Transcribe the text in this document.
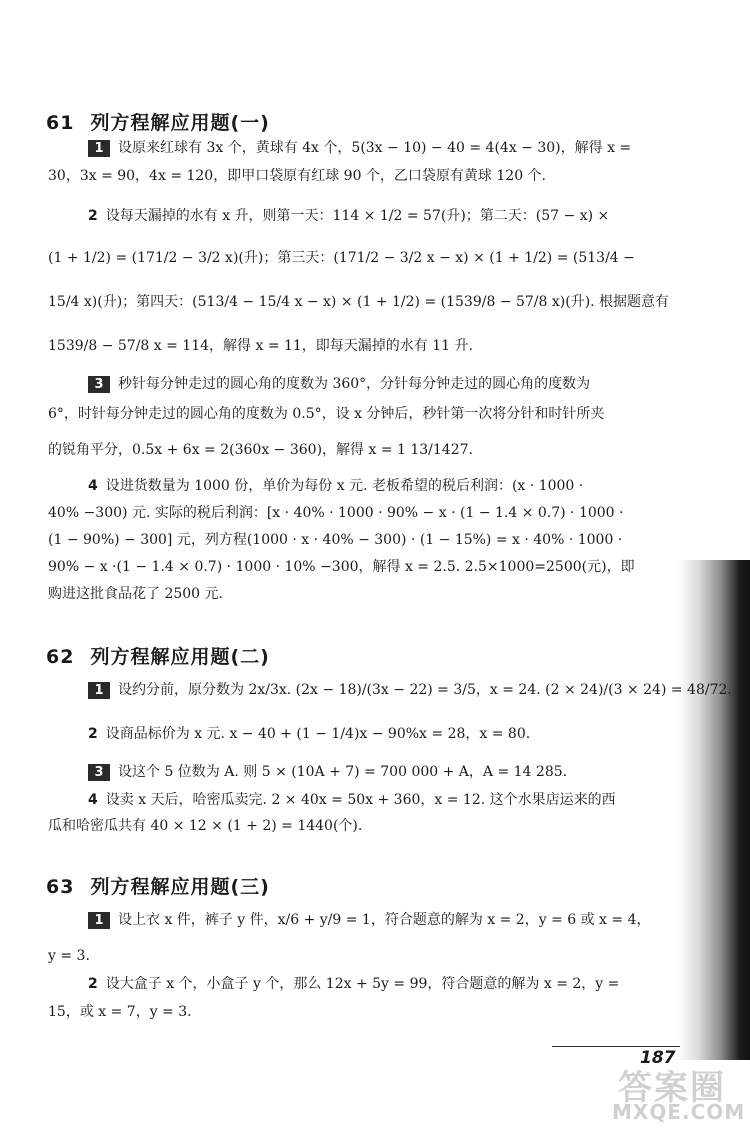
61 列方程解应用题(一)
1 设原来红球有 3x 个，黄球有 4x 个，5(3x − 10) − 40 = 4(4x − 30)，解得 x =
30，3x = 90，4x = 120，即甲口袋原有红球 90 个，乙口袋原有黄球 120 个.
2 设每天漏掉的水有 x 升，则第一天：114 × 1/2 = 57(升)；第二天：(57 − x) ×
(1 + 1/2) = (171/2 − 3/2 x)(升)；第三天：(171/2 − 3/2 x − x) × (1 + 1/2) = (513/4 −
15/4 x)(升)；第四天：(513/4 − 15/4 x − x) × (1 + 1/2) = (1539/8 − 57/8 x)(升). 根据题意有
1539/8 − 57/8 x = 114，解得 x = 11，即每天漏掉的水有 11 升.
3 秒针每分钟走过的圆心角的度数为 360°，分针每分钟走过的圆心角的度数为
6°，时针每分钟走过的圆心角的度数为 0.5°，设 x 分钟后，秒针第一次将分针和时针所夹
的锐角平分，0.5x + 6x = 2(360x − 360)，解得 x = 1 13/1427.
4 设进货数量为 1000 份，单价为每份 x 元. 老板希望的税后利润：(x · 1000 ·
40% −300) 元. 实际的税后利润：[x · 40% · 1000 · 90% − x · (1 − 1.4 × 0.7) · 1000 ·
(1 − 90%) − 300] 元，列方程(1000 · x · 40% − 300) · (1 − 15%) = x · 40% · 1000 ·
90% − x ·(1 − 1.4 × 0.7) · 1000 · 10% −300，解得 x = 2.5. 2.5×1000=2500(元)，即
购进这批食品花了 2500 元.
62 列方程解应用题(二)
1 设约分前，原分数为 2x/3x. (2x − 18)/(3x − 22) = 3/5，x = 24. (2 × 24)/(3 × 24) = 48/72.
2 设商品标价为 x 元. x − 40 + (1 − 1/4)x − 90%x = 28，x = 80.
3 设这个 5 位数为 A. 则 5 × (10A + 7) = 700 000 + A，A = 14 285.
4 设卖 x 天后，哈密瓜卖完. 2 × 40x = 50x + 360，x = 12. 这个水果店运来的西
瓜和哈密瓜共有 40 × 12 × (1 + 2) = 1440(个).
63 列方程解应用题(三)
1 设上衣 x 件，裤子 y 件，x/6 + y/9 = 1，符合题意的解为 x = 2，y = 6 或 x = 4，
y = 3.
2 设大盒子 x 个，小盒子 y 个，那么 12x + 5y = 99，符合题意的解为 x = 2，y =
15，或 x = 7，y = 3.
187
答案圈
MXQE.COM
